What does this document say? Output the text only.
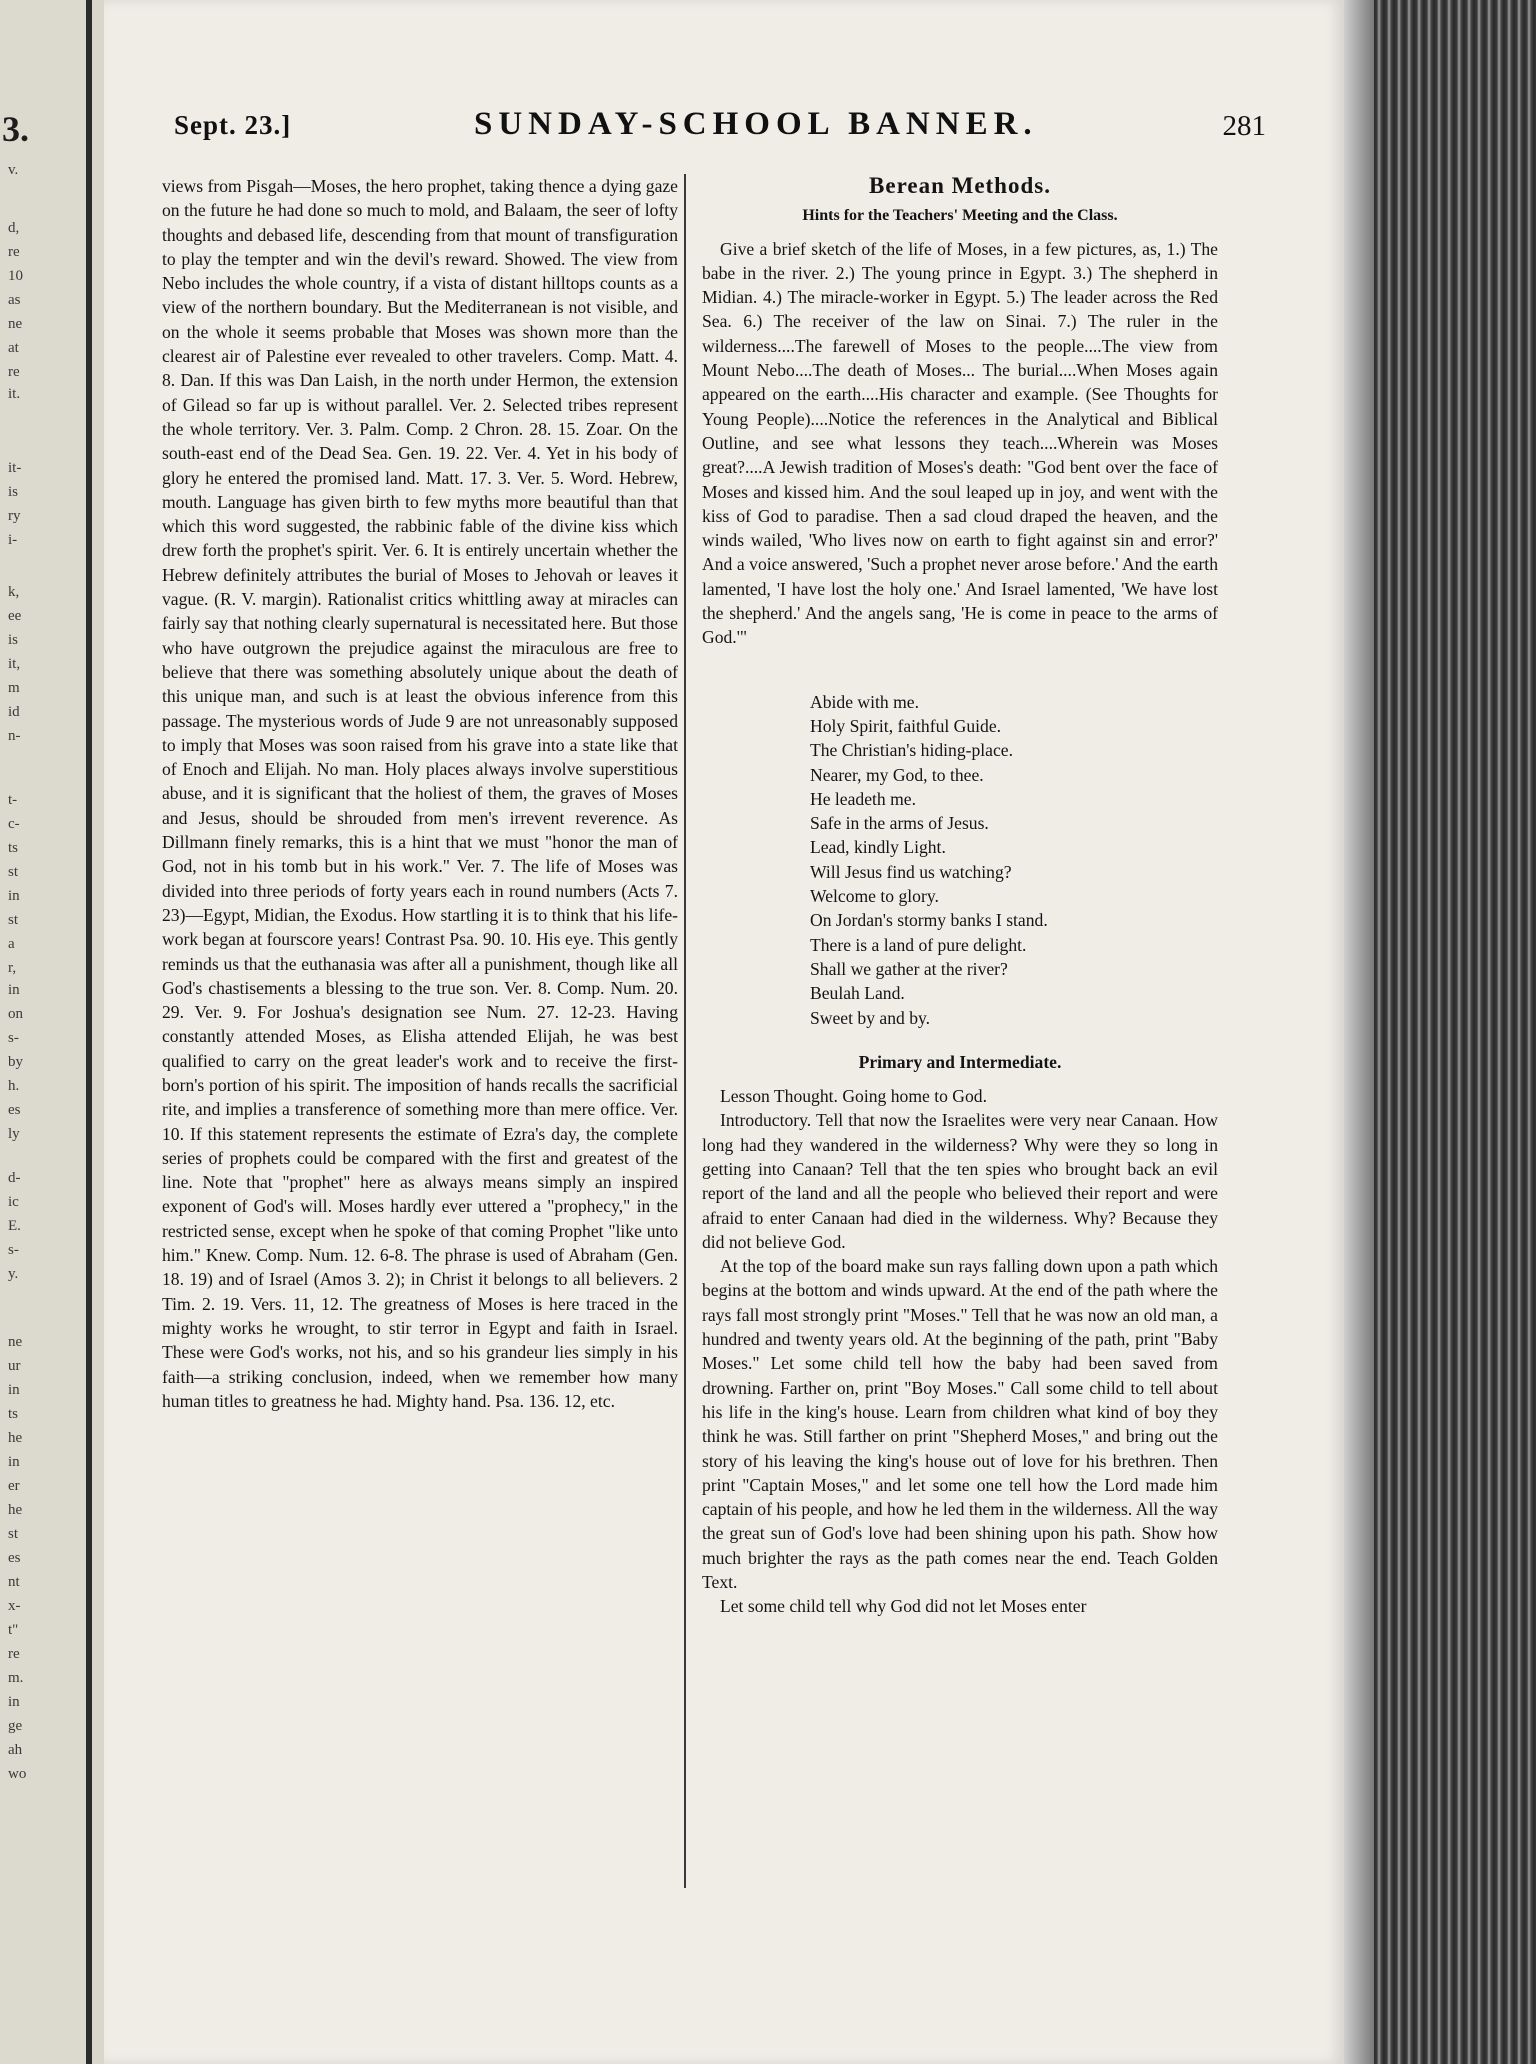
3.
v.
d,
re
10
as
ne
at
re
it.
it-
is
ry
i-
k,
ee
is
it,
m
id
n-
t-
c-
ts
st
in
st
a
r,
in
on
s-
by
h.
es
ly
d-
ic
E.
s-
y.
ne
ur
in
ts
he
in
er
he
st
es
nt
x-
t"
re
m.
in
ge
ah
wo
Sept. 23.]	SUNDAY-SCHOOL BANNER.	281

views from Pisgah—Moses, the hero prophet, taking thence a dying gaze on the future he had done so much to mold, and Balaam, the seer of lofty thoughts and debased life, descending from that mount of transfiguration to play the tempter and win the devil's reward. Showed. The view from Nebo includes the whole country, if a vista of distant hilltops counts as a view of the northern boundary. But the Mediterranean is not visible, and on the whole it seems probable that Moses was shown more than the clearest air of Palestine ever revealed to other travelers. Comp. Matt. 4. 8. Dan. If this was Dan Laish, in the north under Hermon, the extension of Gilead so far up is without parallel. Ver. 2. Selected tribes represent the whole territory. Ver. 3. Palm. Comp. 2 Chron. 28. 15. Zoar. On the south-east end of the Dead Sea. Gen. 19. 22. Ver. 4. Yet in his body of glory he entered the promised land. Matt. 17. 3. Ver. 5. Word. Hebrew, mouth. Language has given birth to few myths more beautiful than that which this word suggested, the rabbinic fable of the divine kiss which drew forth the prophet's spirit. Ver. 6. It is entirely uncertain whether the Hebrew definitely attributes the burial of Moses to Jehovah or leaves it vague. (R. V. margin). Rationalist critics whittling away at miracles can fairly say that nothing clearly supernatural is necessitated here. But those who have outgrown the prejudice against the miraculous are free to believe that there was something absolutely unique about the death of this unique man, and such is at least the obvious inference from this passage. The mysterious words of Jude 9 are not unreasonably supposed to imply that Moses was soon raised from his grave into a state like that of Enoch and Elijah. No man. Holy places always involve superstitious abuse, and it is significant that the holiest of them, the graves of Moses and Jesus, should be shrouded from men's irrevent reverence. As Dillmann finely remarks, this is a hint that we must "honor the man of God, not in his tomb but in his work." Ver. 7. The life of Moses was divided into three periods of forty years each in round numbers (Acts 7. 23)—Egypt, Midian, the Exodus. How startling it is to think that his life-work began at fourscore years! Contrast Psa. 90. 10. His eye. This gently reminds us that the euthanasia was after all a punishment, though like all God's chastisements a blessing to the true son. Ver. 8. Comp. Num. 20. 29. Ver. 9. For Joshua's designation see Num. 27. 12-23. Having constantly attended Moses, as Elisha attended Elijah, he was best qualified to carry on the great leader's work and to receive the first-born's portion of his spirit. The imposition of hands recalls the sacrificial rite, and implies a transference of something more than mere office. Ver. 10. If this statement represents the estimate of Ezra's day, the complete series of prophets could be compared with the first and greatest of the line. Note that "prophet" here as always means simply an inspired exponent of God's will. Moses hardly ever uttered a "prophecy," in the restricted sense, except when he spoke of that coming Prophet "like unto him." Knew. Comp. Num. 12. 6-8. The phrase is used of Abraham (Gen. 18. 19) and of Israel (Amos 3. 2); in Christ it belongs to all believers. 2 Tim. 2. 19. Vers. 11, 12. The greatness of Moses is here traced in the mighty works he wrought, to stir terror in Egypt and faith in Israel. These were God's works, not his, and so his grandeur lies simply in his faith—a striking conclusion, indeed, when we remember how many human titles to greatness he had. Mighty hand. Psa. 136. 12, etc.

Berean Methods.
Hints for the Teachers' Meeting and the Class.

Give a brief sketch of the life of Moses, in a few pictures, as, 1.) The babe in the river. 2.) The young prince in Egypt. 3.) The shepherd in Midian. 4.) The miracle-worker in Egypt. 5.) The leader across the Red Sea. 6.) The receiver of the law on Sinai. 7.) The ruler in the wilderness....The farewell of Moses to the people....The view from Mount Nebo....The death of Moses... The burial....When Moses again appeared on the earth....His character and example. (See Thoughts for Young People)....Notice the references in the Analytical and Biblical Outline, and see what lessons they teach....Wherein was Moses great?....A Jewish tradition of Moses's death: "God bent over the face of Moses and kissed him. And the soul leaped up in joy, and went with the kiss of God to paradise. Then a sad cloud draped the heaven, and the winds wailed, 'Who lives now on earth to fight against sin and error?' And a voice answered, 'Such a prophet never arose before.' And the earth lamented, 'I have lost the holy one.' And Israel lamented, 'We have lost the shepherd.' And the angels sang, 'He is come in peace to the arms of God.'"

Abide with me.
Holy Spirit, faithful Guide.
The Christian's hiding-place.
Nearer, my God, to thee.
He leadeth me.
Safe in the arms of Jesus.
Lead, kindly Light.
Will Jesus find us watching?
Welcome to glory.
On Jordan's stormy banks I stand.
There is a land of pure delight.
Shall we gather at the river?
Beulah Land.
Sweet by and by.
Primary and Intermediate.

Lesson Thought. Going home to God.

Introductory. Tell that now the Israelites were very near Canaan. How long had they wandered in the wilderness? Why were they so long in getting into Canaan? Tell that the ten spies who brought back an evil report of the land and all the people who believed their report and were afraid to enter Canaan had died in the wilderness. Why? Because they did not believe God.

At the top of the board make sun rays falling down upon a path which begins at the bottom and winds upward. At the end of the path where the rays fall most strongly print "Moses." Tell that he was now an old man, a hundred and twenty years old. At the beginning of the path, print "Baby Moses." Let some child tell how the baby had been saved from drowning. Farther on, print "Boy Moses." Call some child to tell about his life in the king's house. Learn from children what kind of boy they think he was. Still farther on print "Shepherd Moses," and bring out the story of his leaving the king's house out of love for his brethren. Then print "Captain Moses," and let some one tell how the Lord made him captain of his people, and how he led them in the wilderness. All the way the great sun of God's love had been shining upon his path. Show how much brighter the rays as the path comes near the end. Teach Golden Text.

Let some child tell why God did not let Moses enter
